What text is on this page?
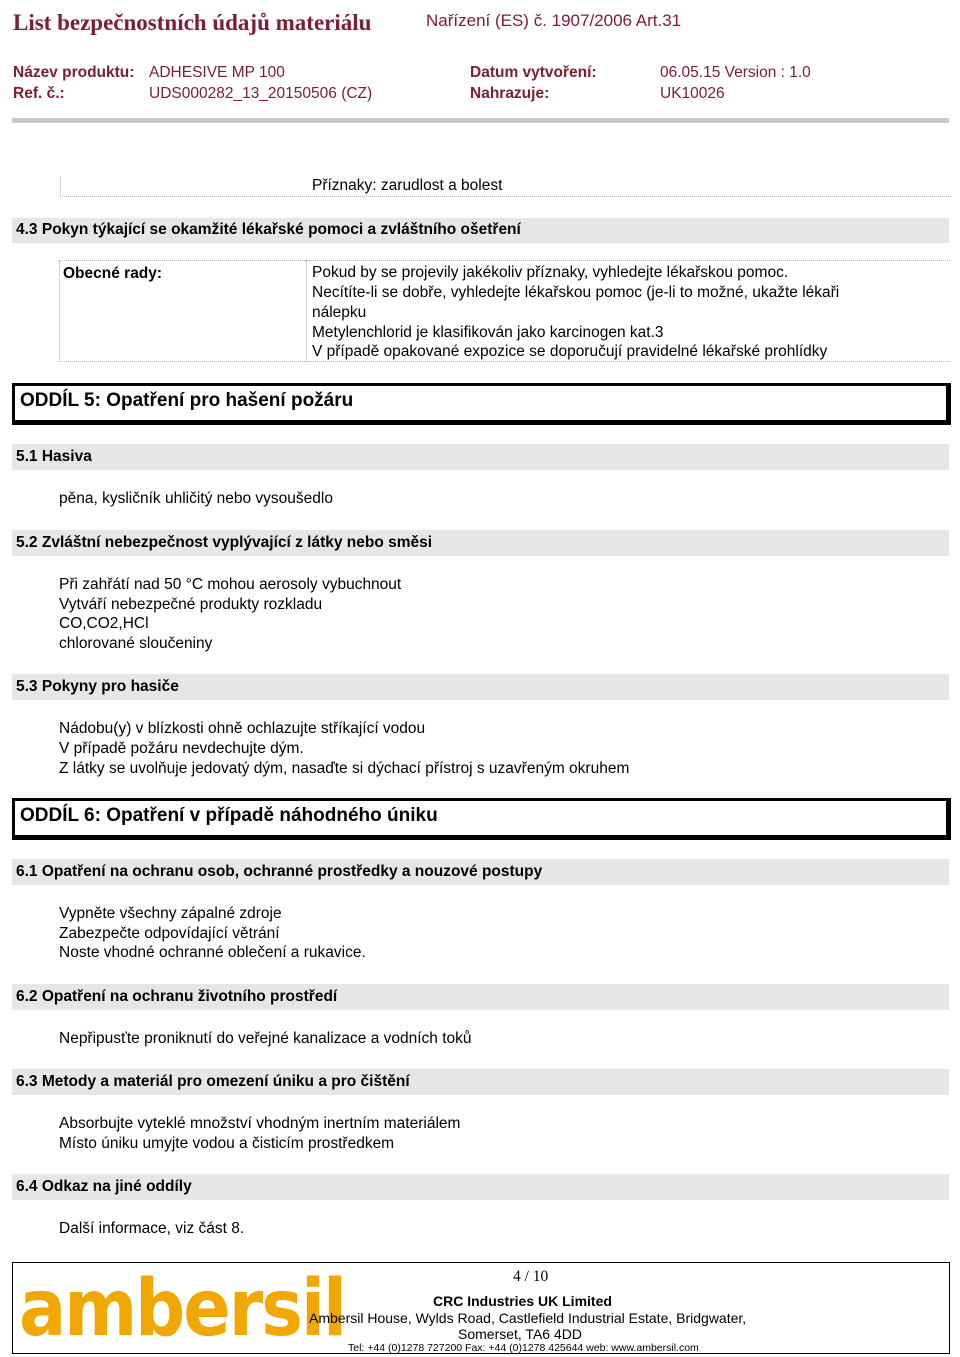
List bezpečnostních údajů materiálu	Nařízení (ES) č. 1907/2006 Art.31
Název produktu: ADHESIVE MP 100
Ref. č.:	UDS000282_13_20150506 (CZ)
Datum vytvoření:	06.05.15 Version : 1.0
Nahrazuje:	UK10026
Příznaky: zarudlost a bolest
4.3 Pokyn týkající se okamžité lékařské pomoci a zvláštního ošetření
Obecné rady:	Pokud by se projevily jakékoliv příznaky, vyhledejte lékařskou pomoc.
Necítíte-li se dobře, vyhledejte lékařskou pomoc (je-li to možné, ukažte lékaři
nálepku
Metylenchlorid je klasifikován jako karcinogen kat.3
V případě opakované expozice se doporučují pravidelné lékařské prohlídky
ODDÍL 5: Opatření pro hašení požáru
5.1 Hasiva
pěna, kysličník uhličitý nebo vysoušedlo
5.2 Zvláštní nebezpečnost vyplývající z látky nebo směsi
Při zahřátí nad 50 °C mohou aerosoly vybuchnout
Vytváří nebezpečné produkty rozkladu
CO,CO2,HCl
chlorované sloučeniny
5.3 Pokyny pro hasiče
Nádobu(y) v blízkosti ohně ochlazujte stříkající vodou
V případě požáru nevdechujte dým.
Z látky se uvolňuje jedovatý dým, nasaďte si dýchací přístroj s uzavřeným okruhem
ODDÍL 6: Opatření v případě náhodného úniku
6.1 Opatření na ochranu osob, ochranné prostředky a nouzové postupy
Vypněte všechny zápalné zdroje
Zabezpečte odpovídající větrání
Noste vhodné ochranné oblečení a rukavice.
6.2 Opatření na ochranu životního prostředí
Nepřipusťte proniknutí do veřejné kanalizace a vodních toků
6.3 Metody a materiál pro omezení úniku a pro čištění
Absorbujte vyteklé množství vhodným inertním materiálem
Místo úniku umyjte vodou a čisticím prostředkem
6.4 Odkaz na jiné oddíly
Další informace, viz část 8.
ambersil	4 / 10
CRC Industries UK Limited
Ambersil House, Wylds Road, Castlefield Industrial Estate, Bridgwater,
Somerset, TA6 4DD
Tel: +44 (0)1278 727200 Fax: +44 (0)1278 425644 web: www.ambersil.com
